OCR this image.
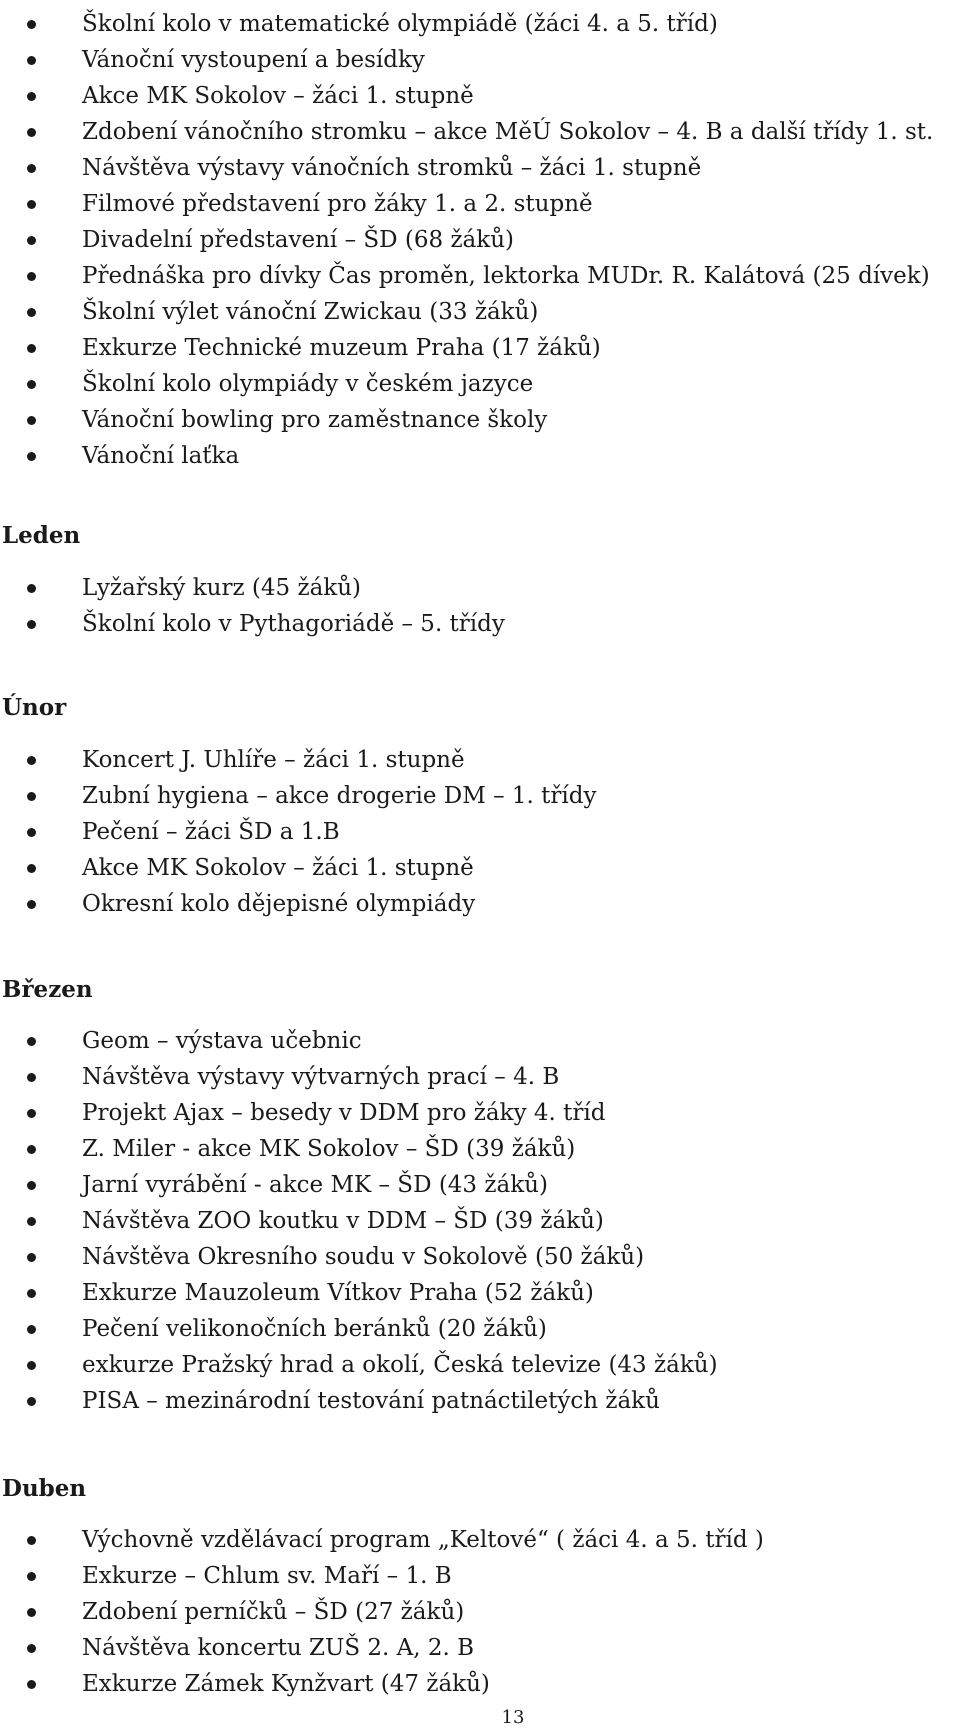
Školní kolo v matematické olympiádě (žáci 4. a 5. tříd)
Vánoční vystoupení a besídky
Akce MK Sokolov – žáci 1. stupně
Zdobení vánočního stromku – akce MěÚ Sokolov – 4. B a další třídy 1. st.
Návštěva výstavy vánočních stromků – žáci 1. stupně
Filmové představení pro žáky 1. a 2. stupně
Divadelní představení – ŠD (68 žáků)
Přednáška pro dívky Čas proměn, lektorka MUDr. R. Kalátová (25 dívek)
Školní výlet vánoční Zwickau (33 žáků)
Exkurze Technické muzeum Praha (17 žáků)
Školní kolo olympiády v českém jazyce
Vánoční bowling pro zaměstnance školy
Vánoční laťka
Leden
Lyžařský kurz (45 žáků)
Školní kolo v Pythagoriádě – 5. třídy
Únor
Koncert J. Uhlíře – žáci 1. stupně
Zubní hygiena – akce drogerie DM – 1. třídy
Pečení – žáci ŠD a 1.B
Akce MK Sokolov – žáci 1. stupně
Okresní kolo dějepisné olympiády
Březen
Geom – výstava učebnic
Návštěva výstavy výtvarných prací – 4. B
Projekt Ajax – besedy v DDM pro žáky 4. tříd
Z. Miler - akce MK Sokolov – ŠD (39 žáků)
Jarní vyrábění - akce MK – ŠD (43 žáků)
Návštěva ZOO koutku v DDM – ŠD (39 žáků)
Návštěva Okresního soudu v Sokolově (50 žáků)
Exkurze Mauzoleum Vítkov Praha (52 žáků)
Pečení velikonočních beránků (20 žáků)
exkurze Pražský hrad a okolí, Česká televize (43 žáků)
PISA – mezinárodní testování patnáctiletých žáků
Duben
Výchovně vzdělávací program „Keltové“ ( žáci 4. a 5. tříd )
Exkurze – Chlum sv. Maří – 1. B
Zdobení perníčků – ŠD (27 žáků)
Návštěva koncertu ZUŠ 2. A, 2. B
Exkurze Zámek Kynžvart (47 žáků)
13
